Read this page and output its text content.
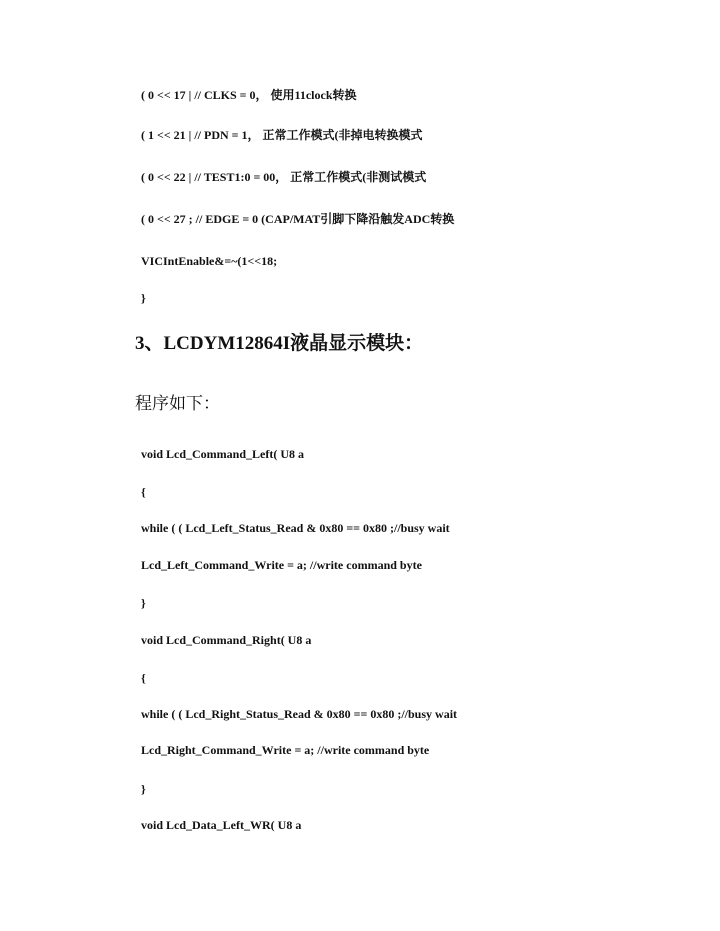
( 0 << 17 | // CLKS = 0， 使用11clock转换
( 1 << 21 | // PDN = 1， 正常工作模式(非掉电转换模式
( 0 << 22 | // TEST1:0 = 00， 正常工作模式(非测试模式
( 0 << 27 ; // EDGE = 0 (CAP/MAT引脚下降沿触发ADC转换
VICIntEnable&=~(1<<18;
}
3、LCDYM12864I液晶显示模块：
程序如下：
void Lcd_Command_Left( U8 a
{
while ( ( Lcd_Left_Status_Read & 0x80 == 0x80 ;//busy wait
Lcd_Left_Command_Write = a; //write command byte
}
void Lcd_Command_Right( U8 a
{
while ( ( Lcd_Right_Status_Read & 0x80 == 0x80 ;//busy wait
Lcd_Right_Command_Write = a; //write command byte
}
void Lcd_Data_Left_WR( U8 a
